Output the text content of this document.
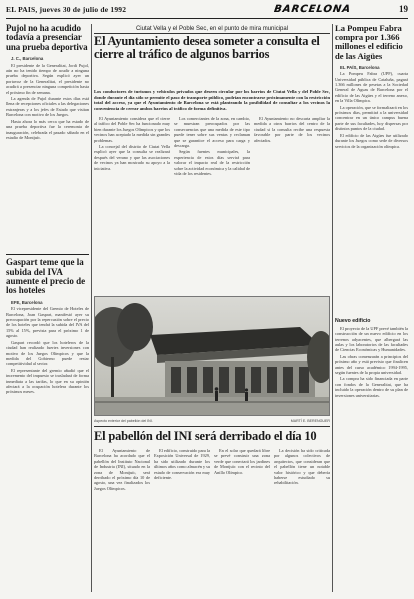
EL PAIS, jueves 30 de julio de 1992	BARCELONA	19
Pujol no ha acudido todavía a presenciar una prueba deportiva

J. C., Barcelona

El presidente de la Generalitat, Jordi Pujol, aún no ha tenido tiempo de acudir a ninguna prueba deportiva. Según explicó ayer un portavoz de la Generalitat, el presidente no acudirá a presenciar ninguna competición hasta el próximo fin de semana.

La agenda de Pujol durante estos días está llena de recepciones oficiales a las delegaciones extranjeras y a los jefes de Estado que visitan Barcelona con motivo de los Juegos.

Hasta ahora lo más cerca que ha estado de una prueba deportiva fue la ceremonia de inauguración, celebrada el pasado sábado en el estadio de Montjuïc.

Gaspart teme que la subida del IVA aumente el precio de los hoteles

EFE, Barcelona

El vicepresidente del Gremio de Hoteles de Barcelona, Joan Gaspart, manifestó ayer su preocupación por la repercusión sobre el precio de los hoteles que tendrá la subida del IVA del 15% al 15%, prevista para el próximo 1 de agosto.

Gaspart recordó que los hoteleros de la ciudad han realizado fuertes inversiones con motivo de los Juegos Olímpicos y que la medida del Gobierno puede restar competitividad al sector.

El representante del gremio añadió que el incremento del impuesto se trasladará de forma inmediata a las tarifas, lo que en su opinión afectará a la ocupación hotelera durante los próximos meses.

Ciutat Vella y el Poble Sec, en el punto de mira municipal
El Ayuntamiento desea someter a consulta el cierre al tráfico de algunos barrios
Los conductores de turismos y vehículos privados que deseen circular por los barrios de Ciutat Vella y del Poble Sec, donde durante el día sólo se permite el paso de transporte público, podrían encontrarse próximamente con la restricción total del acceso, ya que el Ayuntamiento de Barcelona se está planteando la posibilidad de consultar a los vecinos la conveniencia de cerrar ambos barrios al tráfico de forma definitiva.

El Ayuntamiento considera que el cierre al tráfico del Poble Sec ha funcionado muy bien durante los Juegos Olímpicos y que los vecinos han aceptado la medida sin grandes problemas.

La concejal del distrito de Ciutat Vella explicó ayer que la consulta se realizará después del verano y que las asociaciones de vecinos ya han mostrado su apoyo a la iniciativa.

Los comerciantes de la zona, en cambio, se muestran preocupados por las consecuencias que una medida de este tipo puede tener sobre sus ventas y reclaman que se garantice el acceso para carga y descarga.

Según fuentes municipales, la experiencia de estos días servirá para valorar el impacto real de la restricción sobre la actividad económica y la calidad de vida de los residentes.

El Ayuntamiento no descarta ampliar la medida a otros barrios del centro de la ciudad si la consulta recibe una respuesta favorable por parte de los vecinos afectados.

Aspecto exterior del pabellón del INI.	MARTÍ E. BERENGUER
El pabellón del INI será derribado el día 10

El Ayuntamiento de Barcelona ha acordado que el pabellón del Instituto Nacional de Industria (INI), situado en la zona de Montjuïc, será derribado el próximo día 10 de agosto, una vez finalizados los Juegos Olímpicos.

El edificio, construido para la Exposición Universal de 1929, ha sido utilizado durante los últimos años como almacén y su estado de conservación era muy deficiente.

En el solar que quedará libre se prevé construir una zona verde que conectará los jardines de Montjuïc con el recinto del Anillo Olímpico.

La decisión ha sido criticada por algunos colectivos de arquitectos, que consideran que el pabellón tiene un notable valor histórico y que debería haberse estudiado su rehabilitación.

La Pompeu Fabra compra por 1.366 millones el edificio de las Aigües

EL PAÍS, Barcelona

La Pompeu Fabra (UPF), cuarta Universidad pública de Cataluña, pagará 1.366 millones de pesetas a la Sociedad General de Aguas de Barcelona por el edificio de las Aigües y el terreno anexo, en la Villa Olímpica.

La operación, que se formalizará en los próximos días, permitirá a la universidad concentrar en un único campus buena parte de sus facultades, hoy dispersas por distintos puntos de la ciudad.

El edificio de las Aigües fue utilizado durante los Juegos como sede de diversos servicios de la organización olímpica.

Nuevo edificio

El proyecto de la UPF prevé también la construcción de un nuevo edificio en los terrenos adyacentes, que albergará las aulas y los laboratorios de las facultades de Ciencias Económicas y Humanidades.

Las obras comenzarán a principios del próximo año y está previsto que finalicen antes del curso académico 1994-1995, según fuentes de la propia universidad.

La compra ha sido financiada en parte con fondos de la Generalitat, que ha incluido la operación dentro de su plan de inversiones universitarias.
